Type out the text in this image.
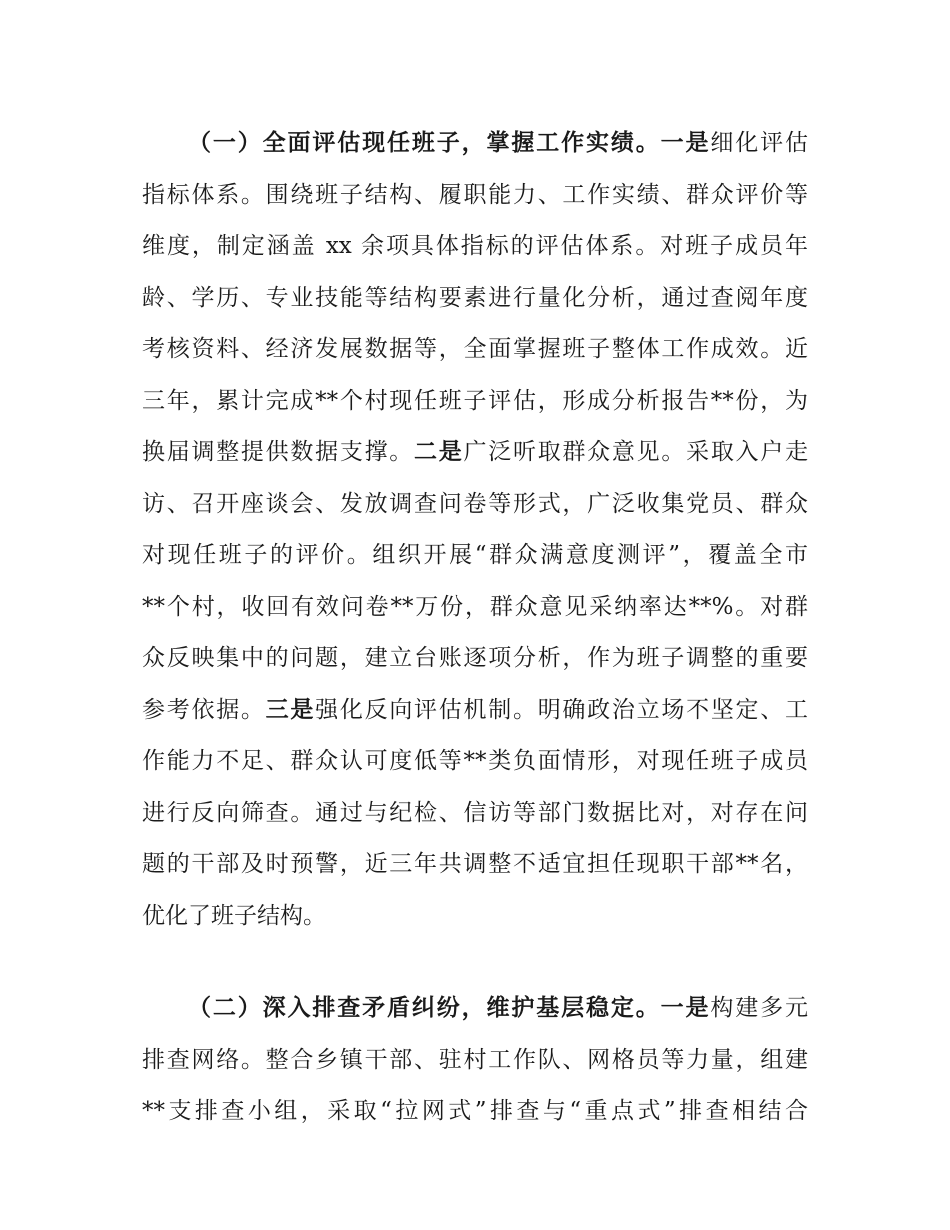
（一）全面评估现任班子，掌握工作实绩。一是细化评估
指标体系。围绕班子结构、履职能力、工作实绩、群众评价等
维度，制定涵盖 xx 余项具体指标的评估体系。对班子成员年
龄、学历、专业技能等结构要素进行量化分析，通过查阅年度
考核资料、经济发展数据等，全面掌握班子整体工作成效。近
三年，累计完成**个村现任班子评估，形成分析报告**份，为
换届调整提供数据支撑。二是广泛听取群众意见。采取入户走
访、召开座谈会、发放调查问卷等形式，广泛收集党员、群众
对现任班子的评价。组织开展“群众满意度测评”，覆盖全市
**个村，收回有效问卷**万份，群众意见采纳率达**%。对群
众反映集中的问题，建立台账逐项分析，作为班子调整的重要
参考依据。三是强化反向评估机制。明确政治立场不坚定、工
作能力不足、群众认可度低等**类负面情形，对现任班子成员
进行反向筛查。通过与纪检、信访等部门数据比对，对存在问
题的干部及时预警，近三年共调整不适宜担任现职干部**名，
优化了班子结构。
（二）深入排查矛盾纠纷，维护基层稳定。一是构建多元
排查网络。整合乡镇干部、驻村工作队、网格员等力量，组建
**支排查小组，采取“拉网式”排查与“重点式”排查相结合
